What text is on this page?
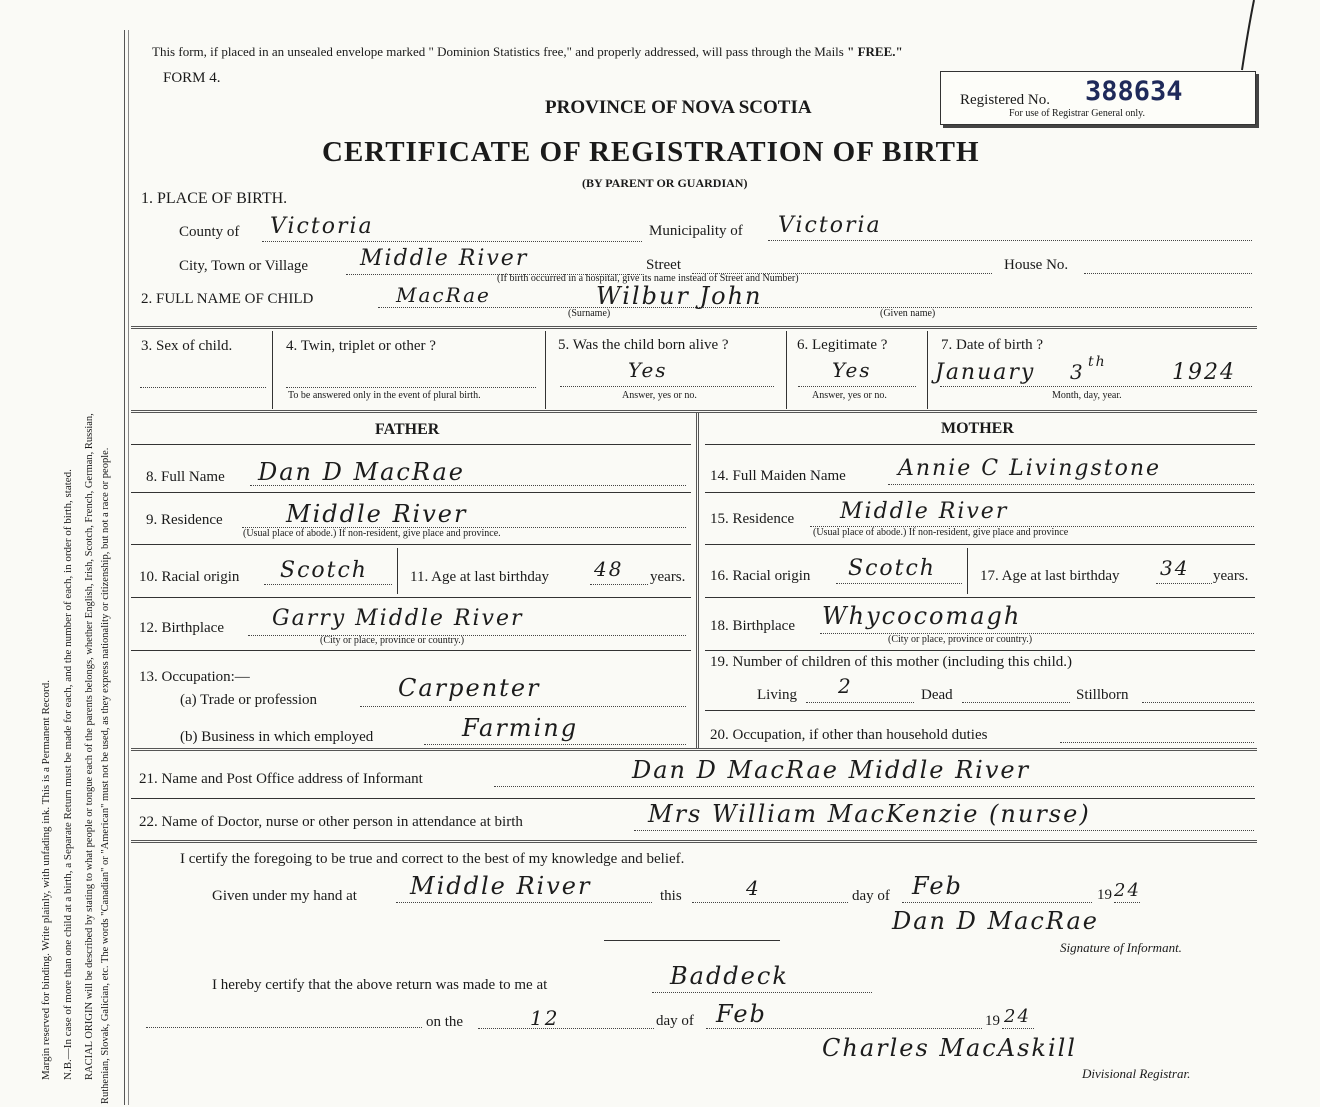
Margin reserved for binding. Write plainly, with unfading ink. This is a Permanent Record. N.B.—In case of more than one child at a birth, a Separate Return must be made for each, and the number of each, in order of birth, stated. RACIAL ORIGIN will be described by stating to what people or tongue each of the parents belongs, whether English, Irish, Scotch, French, German, Russian, Ruthenian, Slovak, Galician, etc. The words "Canadian" or "American" must not be used, as they express nationality or citizenship, but not a race or people.
This form, if placed in an unsealed envelope marked " Dominion Statistics free," and properly addressed, will pass through the Mails " FREE."
FORM 4.
Registered No. 388634
For use of Registrar General only.
PROVINCE OF NOVA SCOTIA
CERTIFICATE OF REGISTRATION OF BIRTH
(BY PARENT OR GUARDIAN)
1. PLACE OF BIRTH.
County of Victoria	Municipality of Victoria
City, Town or Village Middle River	Street	House No.
(If birth occurred in a hospital, give its name instead of Street and Number)
2. FULL NAME OF CHILD	MacRae	Wilbur John
(Surname)	(Given name)
3. Sex of child.	4. Twin, triplet or other ?
To be answered only in the event of plural birth.
5. Was the child born alive ?
Yes
Answer, yes or no.
6. Legitimate ?
Yes
Answer, yes or no.
7. Date of birth ?
January 3 th	1924
Month, day, year.
FATHER	MOTHER
8. Full Name Dan D MacRae	14. Full Maiden Name Annie C Livingstone
9. Residence	Middle River
(Usual place of abode.) If non-resident, give place and province.
15. Residence Middle River
(Usual place of abode.) If non-resident, give place and province
10. Racial origin Scotch	11. Age at last birthday 48 years. 16. Racial origin Scotch	17. Age at last birthday 34 years.
12. Birthplace Garry Middle River
(City or place, province or country.)
18. Birthplace Whycocomagh
(City or place, province or country.)
13. Occupation:—
(a) Trade or profession	Carpenter
(b) Business in which employed	Farming
19. Number of children of this mother (including this child.)
Living 2	Dead	Stillborn
20. Occupation, if other than household duties
21. Name and Post Office address of Informant	Dan D MacRae Middle River
22. Name of Doctor, nurse or other person in attendance at birth	Mrs William MacKenzie (nurse)
I certify the foregoing to be true and correct to the best of my knowledge and belief.
Given under my hand at Middle River	this	4	day of Feb	19 24
Dan D MacRae
Signature of Informant.
I hereby certify that the above return was made to me at	Baddeck
on the	12	day of Feb	19 24
Charles MacAskill
Divisional Registrar.
